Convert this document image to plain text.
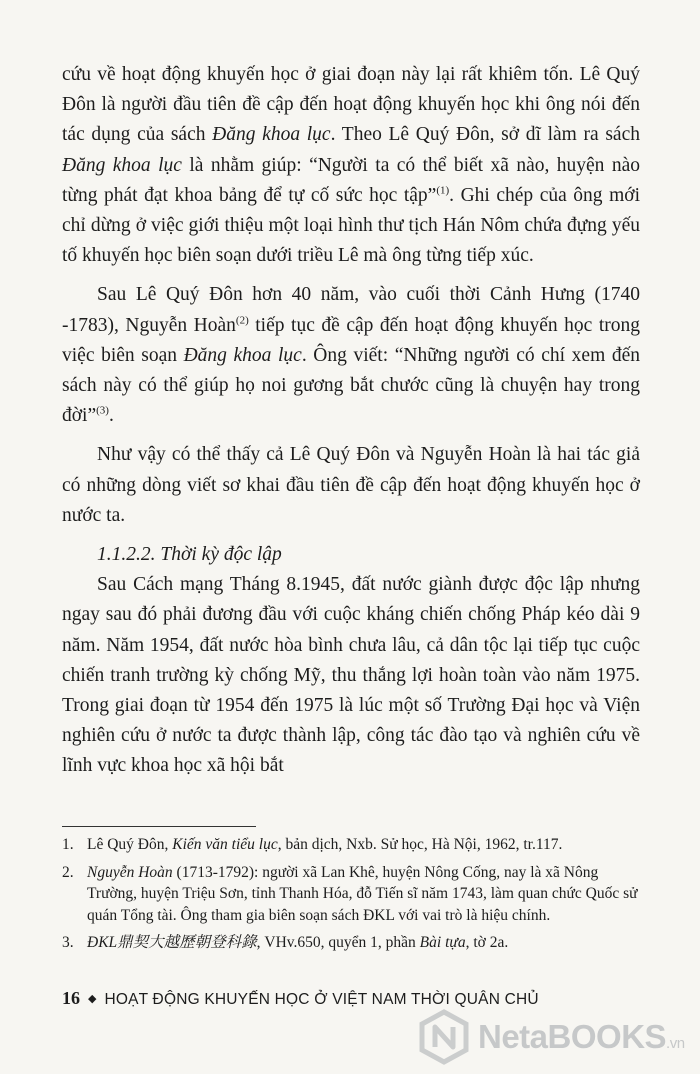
cứu về hoạt động khuyến học ở giai đoạn này lại rất khiêm tốn. Lê Quý Đôn là người đầu tiên đề cập đến hoạt động khuyến học khi ông nói đến tác dụng của sách Đăng khoa lục. Theo Lê Quý Đôn, sở dĩ làm ra sách Đăng khoa lục là nhằm giúp: “Người ta có thể biết xã nào, huyện nào từng phát đạt khoa bảng để tự cố sức học tập”$^{(1)}$. Ghi chép của ông mới chỉ dừng ở việc giới thiệu một loại hình thư tịch Hán Nôm chứa đựng yếu tố khuyến học biên soạn dưới triều Lê mà ông từng tiếp xúc.

Sau Lê Quý Đôn hơn 40 năm, vào cuối thời Cảnh Hưng (1740 -1783), Nguyễn Hoàn$^{(2)}$ tiếp tục đề cập đến hoạt động khuyến học trong việc biên soạn Đăng khoa lục. Ông viết: “Những người có chí xem đến sách này có thể giúp họ noi gương bắt chước cũng là chuyện hay trong đời”$^{(3)}$.

Như vậy có thể thấy cả Lê Quý Đôn và Nguyễn Hoàn là hai tác giả có những dòng viết sơ khai đầu tiên đề cập đến hoạt động khuyến học ở nước ta.

1.1.2.2. Thời kỳ độc lập

Sau Cách mạng Tháng 8.1945, đất nước giành được độc lập nhưng ngay sau đó phải đương đầu với cuộc kháng chiến chống Pháp kéo dài 9 năm. Năm 1954, đất nước hòa bình chưa lâu, cả dân tộc lại tiếp tục cuộc chiến tranh trường kỳ chống Mỹ, thu thắng lợi hoàn toàn vào năm 1975. Trong giai đoạn từ 1954 đến 1975 là lúc một số Trường Đại học và Viện nghiên cứu ở nước ta được thành lập, công tác đào tạo và nghiên cứu về lĩnh vực khoa học xã hội bắt

1. Lê Quý Đôn, Kiến văn tiểu lục, bản dịch, Nxb. Sử học, Hà Nội, 1962, tr.117.
2. Nguyễn Hoàn (1713-1792): người xã Lan Khê, huyện Nông Cống, nay là xã Nông Trường, huyện Triệu Sơn, tỉnh Thanh Hóa, đỗ Tiến sĩ năm 1743, làm quan chức Quốc sử quán Tổng tài. Ông tham gia biên soạn sách ĐKL với vai trò là hiệu chính.
3. ĐKL鼎契大越歷朝登科錄, VHv.650, quyển 1, phần Bài tựa, tờ 2a.
16 ◆ HOẠT ĐỘNG KHUYẾN HỌC Ở VIỆT NAM THỜI QUÂN CHỦ
NetaBOOKS.vn
